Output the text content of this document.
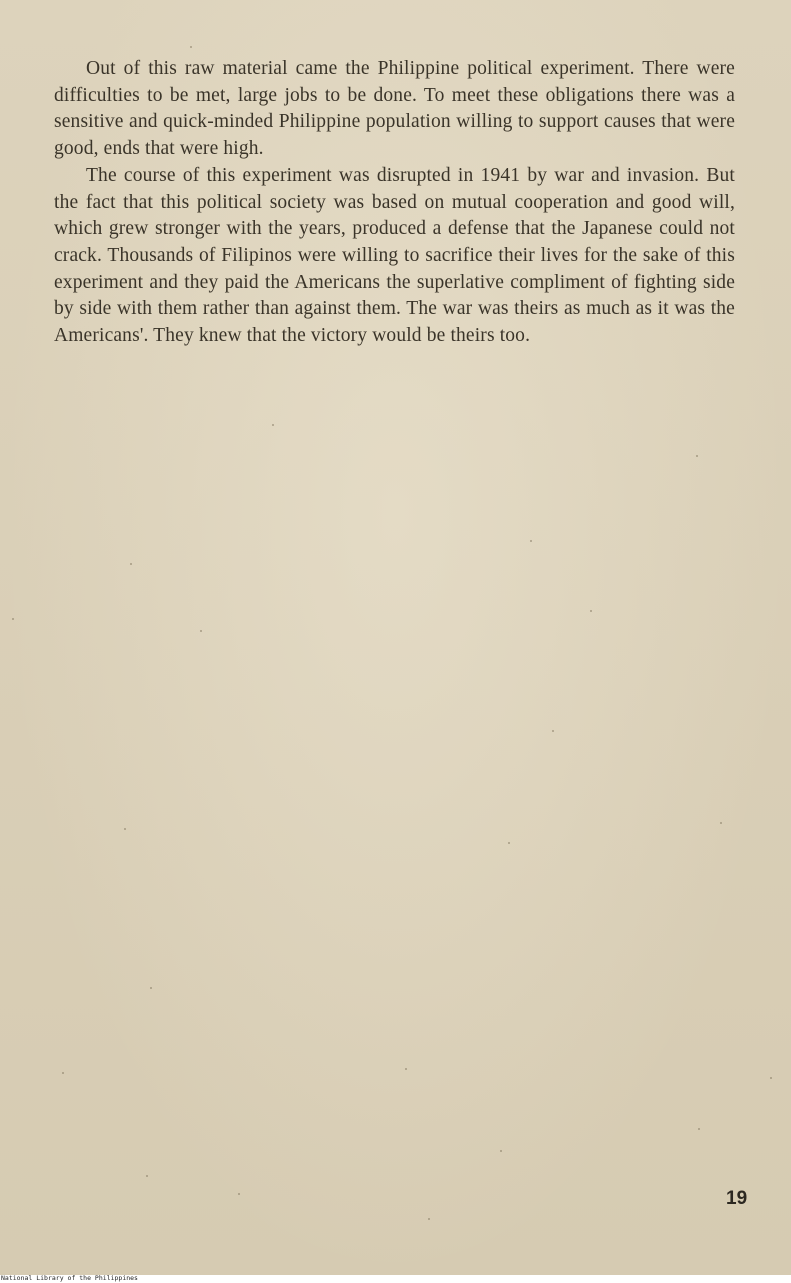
Out of this raw material came the Philippine political experiment. There were difficulties to be met, large jobs to be done. To meet these obligations there was a sensitive and quick-minded Philippine population willing to support causes that were good, ends that were high.

The course of this experiment was disrupted in 1941 by war and invasion. But the fact that this political society was based on mutual cooperation and good will, which grew stronger with the years, produced a defense that the Japanese could not crack. Thousands of Filipinos were willing to sacrifice their lives for the sake of this experiment and they paid the Americans the superlative compliment of fighting side by side with them rather than against them. The war was theirs as much as it was the Americans'. They knew that the victory would be theirs too.

19
National Library of the Philippines
